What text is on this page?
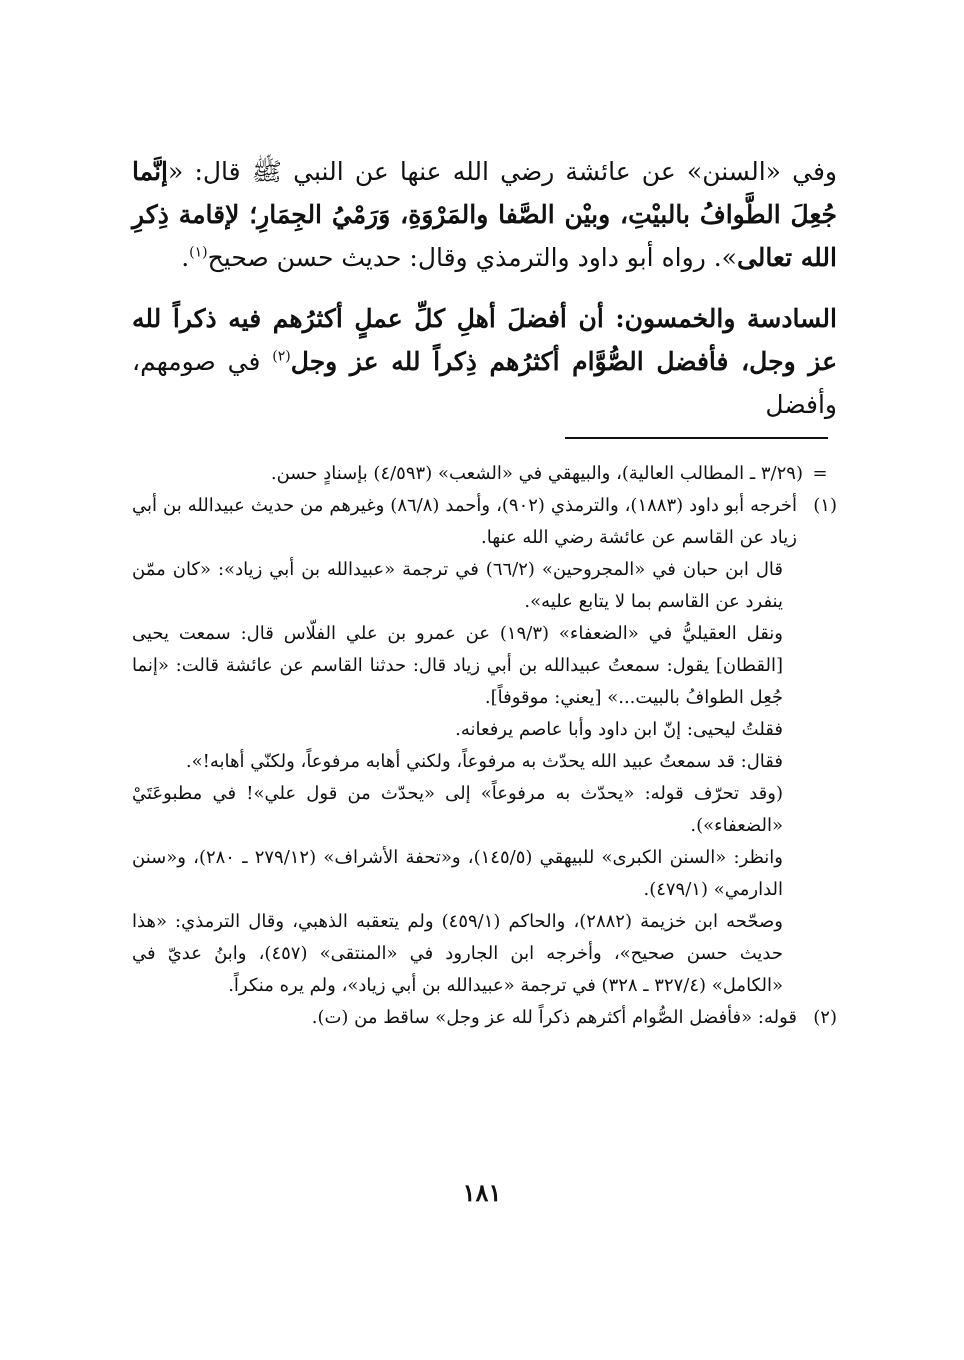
وفي «السنن» عن عائشة رضي الله عنها عن النبي ﷺ قال: «إنَّما جُعِلَ الطَّوافُ بالبيْتِ، وبيْن الصَّفا والمَرْوَةِ، وَرَمْيُ الجِمَارِ؛ لإقامة ذِكرِ الله تعالى». رواه أبو داود والترمذي وقال: حديث حسن صحيح$^{(١)}$.

السادسة والخمسون: أن أفضلَ أهلِ كلِّ عملٍ أكثرُهم فيه ذكراً لله عز وجل، فأفضل الصُّوَّام أكثرُهم ذِكراً لله عز وجل$^{(٢)}$ في صومهم، وأفضل

=

(٣/٢٩ ـ المطالب العالية)، والبيهقي في «الشعب» (٤/٥٩٣) بإسنادٍ حسن.

(١)

أخرجه أبو داود (١٨٨٣)، والترمذي (٩٠٢)، وأحمد (٨٦/٨) وغيرهم من حديث عبيدالله بن أبي زياد عن القاسم عن عائشة رضي الله عنها.

قال ابن حبان في «المجروحين» (٦٦/٢) في ترجمة «عبيدالله بن أبي زياد»: «كان ممّن ينفرد عن القاسم بما لا يتابع عليه».

ونقل العقيليُّ في «الضعفاء» (١٩/٣) عن عمرو بن علي الفلّاس قال: سمعت يحيى [القطان] يقول: سمعتُ عبيدالله بن أبي زياد قال: حدثنا القاسم عن عائشة قالت: «إنما جُعِل الطوافُ بالبيت...» [يعني: موقوفاً].

فقلتُ ليحيى: إنّ ابن داود وأبا عاصم يرفعانه.

فقال: قد سمعتُ عبيد الله يحدّث به مرفوعاً، ولكني أهابه مرفوعاً، ولكنّي أهابه!».

(وقد تحرّف قوله: «يحدّث به مرفوعاً» إلى «يحدّث من قول علي»! في مطبوعَتَيْ «الضعفاء»).

وانظر: «السنن الكبرى» للبيهقي (١٤٥/٥)، و«تحفة الأشراف» (٢٧٩/١٢ ـ ٢٨٠)، و«سنن الدارمي» (٤٧٩/١).

وصحّحه ابن خزيمة (٢٨٨٢)، والحاكم (٤٥٩/١) ولم يتعقبه الذهبي، وقال الترمذي: «هذا حديث حسن صحيح»، وأخرجه ابن الجارود في «المنتقى» (٤٥٧)، وابنُ عديّ في «الكامل» (٣٢٧/٤ ـ ٣٢٨) في ترجمة «عبيدالله بن أبي زياد»، ولم يره منكراً.

(٢)

قوله: «فأفضل الصُّوام أكثرهم ذكراً لله عز وجل» ساقط من (ت).

١٨١
